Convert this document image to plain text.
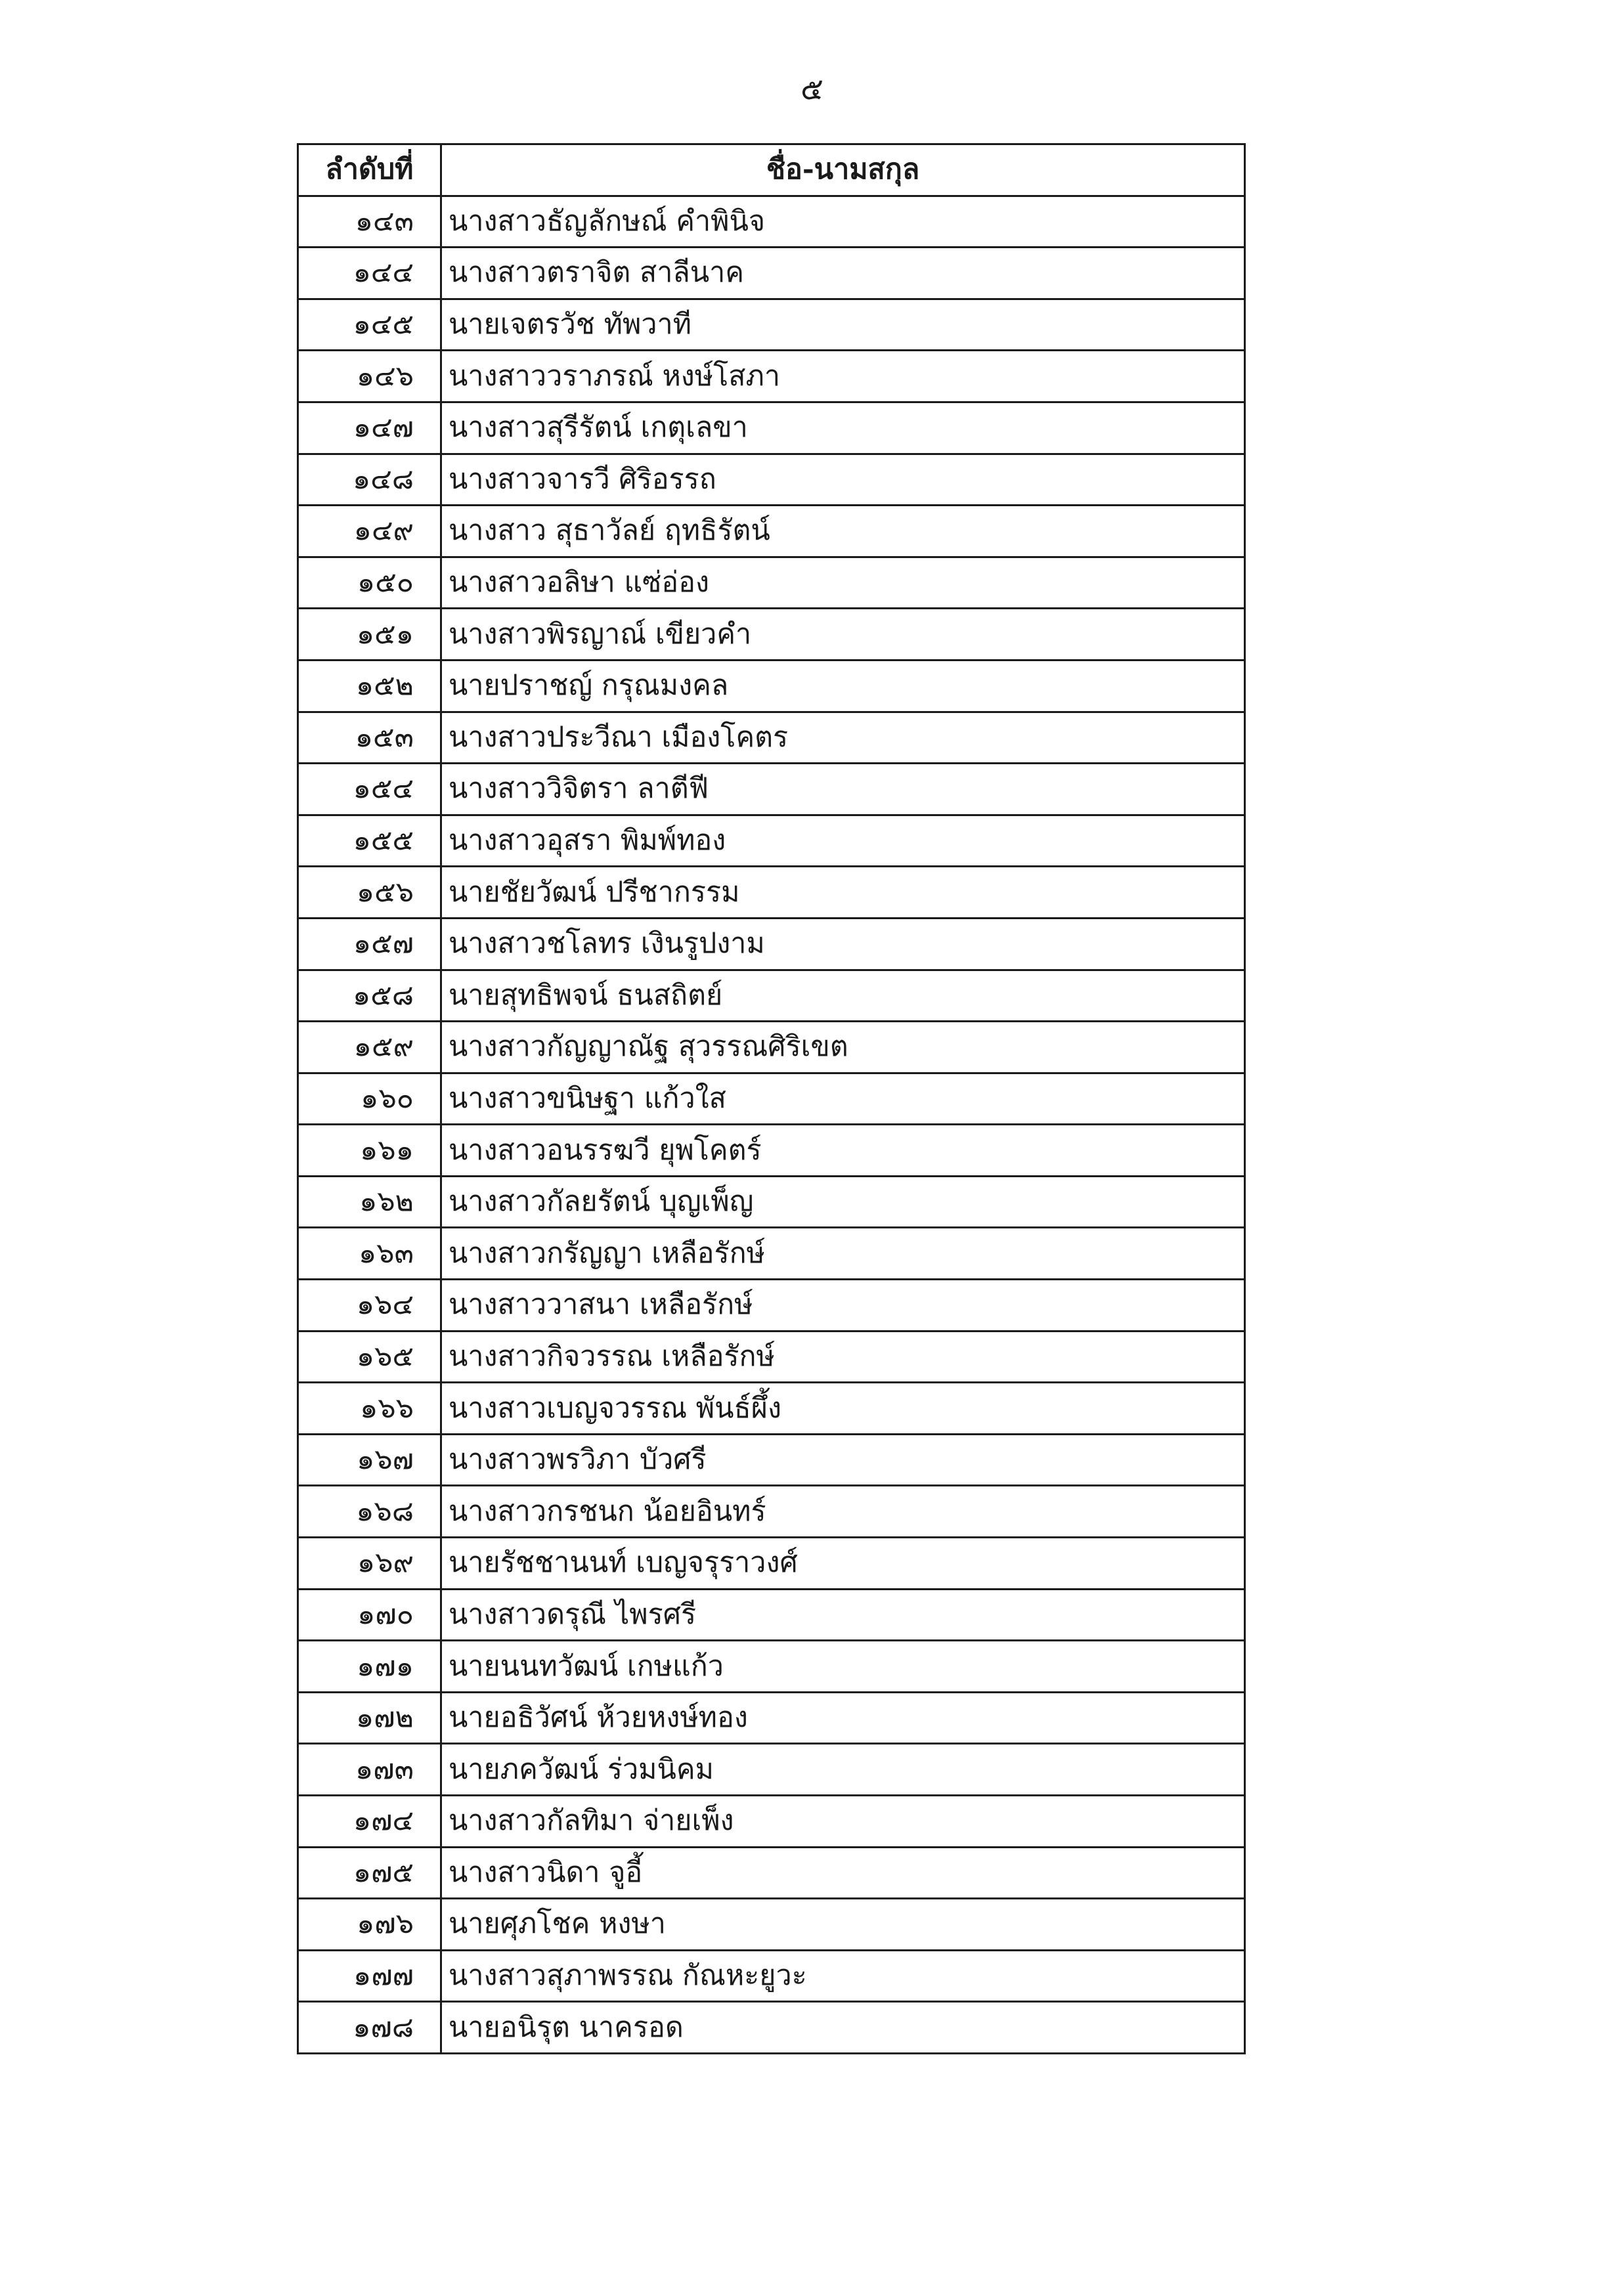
๕
ลำดับที่	ชื่อ-นามสกุล
๑๔๓	นางสาวธัญลักษณ์ คำพินิจ
๑๔๔	นางสาวตราจิต สาลีนาค
๑๔๕	นายเจตรวัช ทัพวาที
๑๔๖	นางสาววราภรณ์ หงษ์โสภา
๑๔๗	นางสาวสุรีรัตน์ เกตุเลขา
๑๔๘	นางสาวจารวี ศิริอรรถ
๑๔๙	นางสาว สุธาวัลย์ ฤทธิรัตน์
๑๕๐	นางสาวอลิษา แซ่อ่อง
๑๕๑	นางสาวพิรญาณ์ เขียวคำ
๑๕๒	นายปราชญ์ กรุณมงคล
๑๕๓	นางสาวประวีณา เมืองโคตร
๑๕๔	นางสาววิจิตรา ลาตีฟี
๑๕๕	นางสาวอุสรา พิมพ์ทอง
๑๕๖	นายชัยวัฒน์ ปรีชากรรม
๑๕๗	นางสาวชโลทร เงินรูปงาม
๑๕๘	นายสุทธิพจน์ ธนสถิตย์
๑๕๙	นางสาวกัญญาณัฐ สุวรรณศิริเขต
๑๖๐	นางสาวขนิษฐา แก้วใส
๑๖๑	นางสาวอนรรฆวี ยุพโคตร์
๑๖๒	นางสาวกัลยรัตน์ บุญเพ็ญ
๑๖๓	นางสาวกรัญญา เหลือรักษ์
๑๖๔	นางสาววาสนา เหลือรักษ์
๑๖๕	นางสาวกิจวรรณ เหลือรักษ์
๑๖๖	นางสาวเบญจวรรณ พันธ์ผึ้ง
๑๖๗	นางสาวพรวิภา บัวศรี
๑๖๘	นางสาวกรชนก น้อยอินทร์
๑๖๙	นายรัชชานนท์ เบญจรุราวงศ์
๑๗๐	นางสาวดรุณี ไพรศรี
๑๗๑	นายนนทวัฒน์ เกษแก้ว
๑๗๒	นายอธิวัศน์ ห้วยหงษ์ทอง
๑๗๓	นายภควัฒน์ ร่วมนิคม
๑๗๔	นางสาวกัลทิมา จ่ายเพ็ง
๑๗๕	นางสาวนิดา จูอี้
๑๗๖	นายศุภโชค หงษา
๑๗๗	นางสาวสุภาพรรณ กัณหะยูวะ
๑๗๘	นายอนิรุต นาครอด
